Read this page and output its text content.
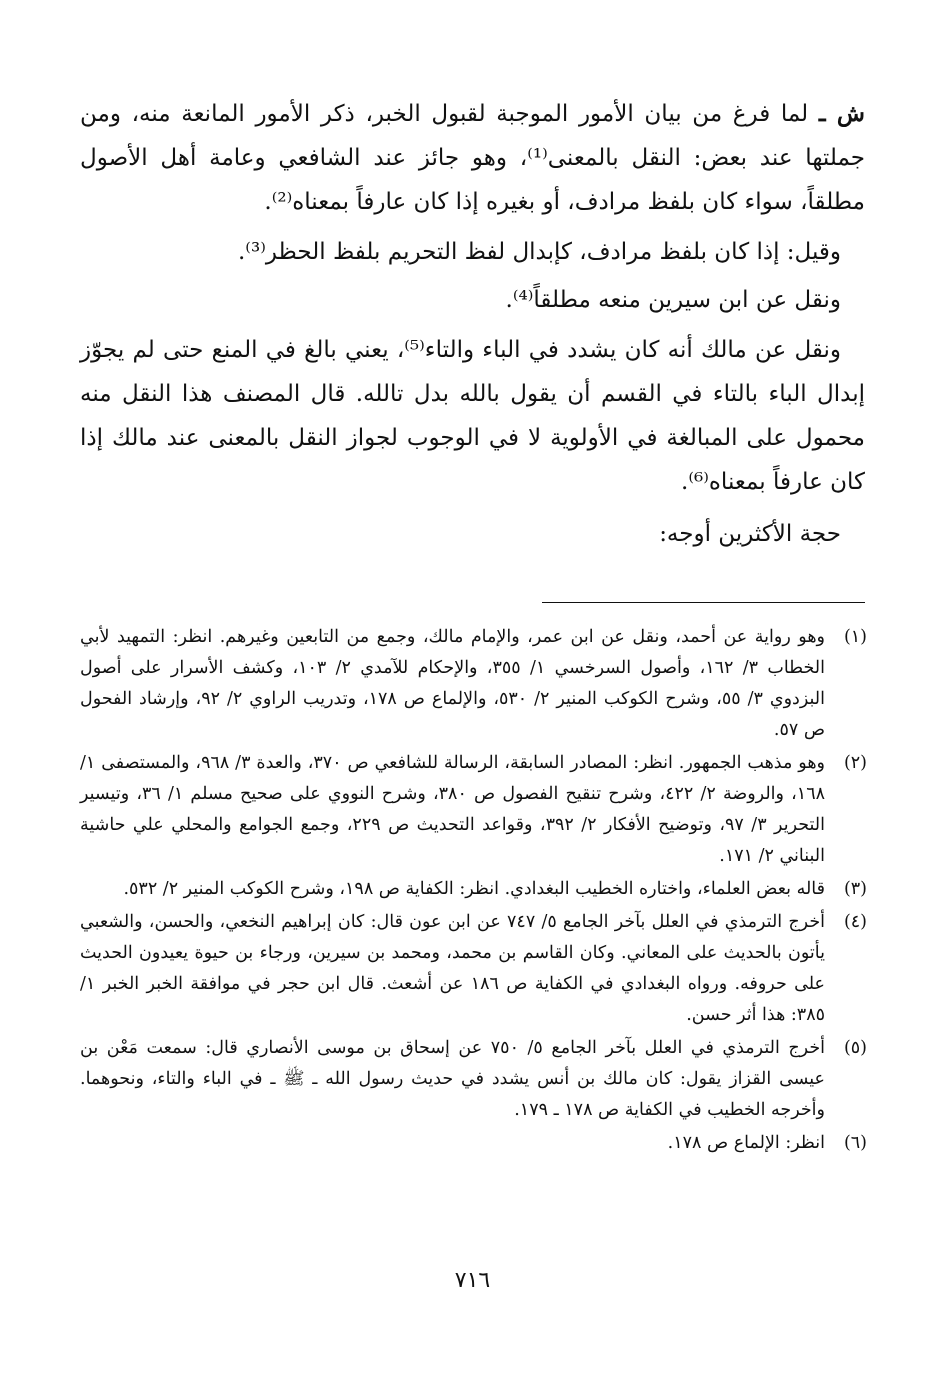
ش ـ لما فرغ من بيان الأمور الموجبة لقبول الخبر، ذكر الأمور المانعة منه، ومن جملتها عند بعض: النقل بالمعنى⁽¹⁾، وهو جائز عند الشافعي وعامة أهل الأصول مطلقاً، سواء كان بلفظ مرادف، أو بغيره إذا كان عارفاً بمعناه⁽²⁾.

وقيل: إذا كان بلفظ مرادف، كإبدال لفظ التحريم بلفظ الحظر⁽³⁾.

ونقل عن ابن سيرين منعه مطلقاً⁽⁴⁾.

ونقل عن مالك أنه كان يشدد في الباء والتاء⁽⁵⁾، يعني بالغ في المنع حتى لم يجوّز إبدال الباء بالتاء في القسم أن يقول بالله بدل تالله. قال المصنف هذا النقل منه محمول على المبالغة في الأولوية لا في الوجوب لجواز النقل بالمعنى عند مالك إذا كان عارفاً بمعناه⁽⁶⁾.

حجة الأكثرين أوجه:

(١)
وهو رواية عن أحمد، ونقل عن ابن عمر، والإمام مالك، وجمع من التابعين وغيرهم. انظر: التمهيد لأبي الخطاب ٣/ ١٦٢، وأصول السرخسي ١/ ٣٥٥، والإحكام للآمدي ٢/ ١٠٣، وكشف الأسرار على أصول البزدوي ٣/ ٥٥، وشرح الكوكب المنير ٢/ ٥٣٠، والإلماع ص ١٧٨، وتدريب الراوي ٢/ ٩٢، وإرشاد الفحول ص ٥٧.
(٢)
وهو مذهب الجمهور. انظر: المصادر السابقة، الرسالة للشافعي ص ٣٧٠، والعدة ٣/ ٩٦٨، والمستصفى ١/ ١٦٨، والروضة ٢/ ٤٢٢، وشرح تنقيح الفصول ص ٣٨٠، وشرح النووي على صحيح مسلم ١/ ٣٦، وتيسير التحرير ٣/ ٩٧، وتوضيح الأفكار ٢/ ٣٩٢، وقواعد التحديث ص ٢٢٩، وجمع الجوامع والمحلي علي حاشية البناني ٢/ ١٧١.
(٣)
قاله بعض العلماء، واختاره الخطيب البغدادي. انظر: الكفاية ص ١٩٨، وشرح الكوكب المنير ٢/ ٥٣٢.
(٤)
أخرج الترمذي في العلل بآخر الجامع ٥/ ٧٤٧ عن ابن عون قال: كان إبراهيم النخعي، والحسن، والشعبي يأتون بالحديث على المعاني. وكان القاسم بن محمد، ومحمد بن سيرين، ورجاء بن حيوة يعيدون الحديث على حروفه. ورواه البغدادي في الكفاية ص ١٨٦ عن أشعث. قال ابن حجر في موافقة الخبر الخبر ١/ ٣٨٥: هذا أثر حسن.
(٥)
أخرج الترمذي في العلل بآخر الجامع ٥/ ٧٥٠ عن إسحاق بن موسى الأنصاري قال: سمعت مَعْن بن عيسى القزاز يقول: كان مالك بن أنس يشدد في حديث رسول الله ـ ﷺ ـ في الباء والتاء، ونحوهما. وأخرجه الخطيب في الكفاية ص ١٧٨ ـ ١٧٩.
(٦)
انظر: الإلماع ص ١٧٨.
٧١٦
